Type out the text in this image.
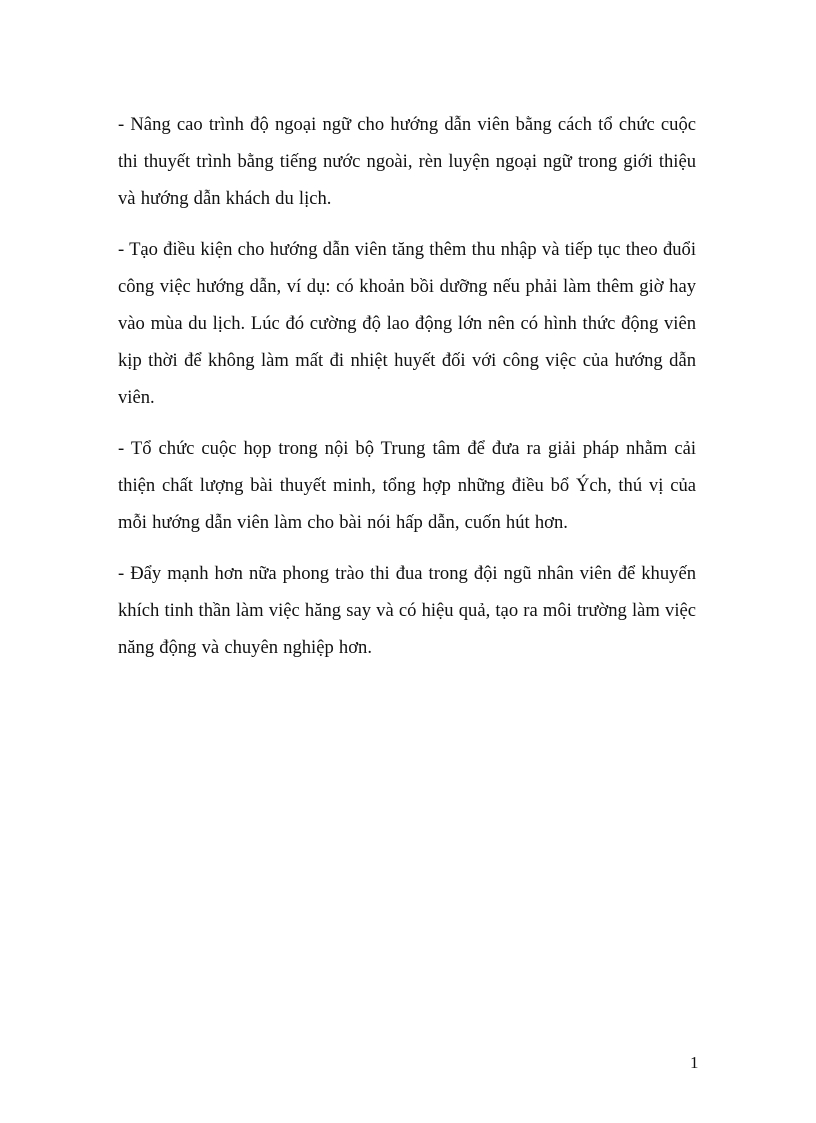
- Nâng cao trình độ ngoại ngữ cho hướng dẫn viên bằng cách tổ chức cuộc thi thuyết trình bằng tiếng nước ngoài, rèn luyện ngoại ngữ trong giới thiệu và hướng dẫn khách du lịch.

- Tạo điều kiện cho hướng dẫn viên tăng thêm thu nhập và tiếp tục theo đuổi công việc hướng dẫn, ví dụ: có khoản bồi dưỡng nếu phải làm thêm giờ hay vào mùa du lịch. Lúc đó cường độ lao động lớn nên có hình thức động viên kịp thời để không làm mất đi nhiệt huyết đối với công việc của hướng dẫn viên.

- Tổ chức cuộc họp trong nội bộ Trung tâm để đưa ra giải pháp nhằm cải thiện chất lượng bài thuyết minh, tổng hợp những điều bổ Ých, thú vị của mỗi hướng dẫn viên làm cho bài nói hấp dẫn, cuốn hút hơn.

- Đẩy mạnh hơn nữa phong trào thi đua trong đội ngũ nhân viên để khuyến khích tinh thần làm việc hăng say và có hiệu quả, tạo ra môi trường làm việc năng động và chuyên nghiệp hơn.

1
